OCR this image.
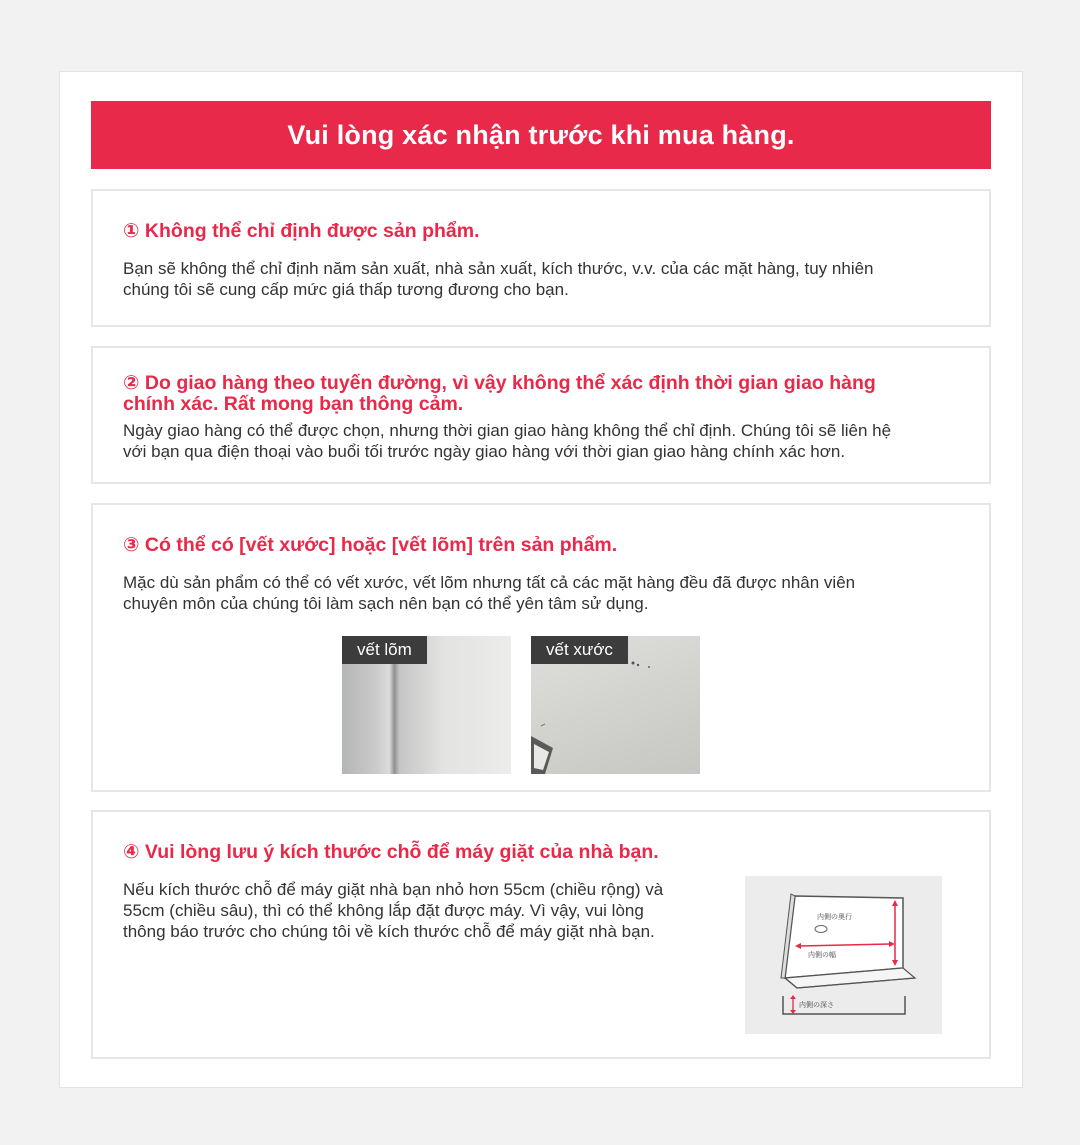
Vui lòng xác nhận trước khi mua hàng.
① Không thể chỉ định được sản phẩm.
Bạn sẽ không thể chỉ định năm sản xuất, nhà sản xuất, kích thước, v.v. của các mặt hàng, tuy nhiên
chúng tôi sẽ cung cấp mức giá thấp tương đương cho bạn.
② Do giao hàng theo tuyến đường, vì vậy không thể xác định thời gian giao hàng
chính xác. Rất mong bạn thông cảm.
Ngày giao hàng có thể được chọn, nhưng thời gian giao hàng không thể chỉ định. Chúng tôi sẽ liên hệ
với bạn qua điện thoại vào buổi tối trước ngày giao hàng với thời gian giao hàng chính xác hơn.
③ Có thể có [vết xước] hoặc [vết lõm] trên sản phẩm.
Mặc dù sản phẩm có thể có vết xước, vết lõm nhưng tất cả các mặt hàng đều đã được nhân viên
chuyên môn của chúng tôi làm sạch nên bạn có thể yên tâm sử dụng.
vết lõm	vết xước
④ Vui lòng lưu ý kích thước chỗ để máy giặt của nhà bạn.
Nếu kích thước chỗ để máy giặt nhà bạn nhỏ hơn 55cm (chiều rộng) và
55cm (chiều sâu), thì có thể không lắp đặt được máy. Vì vậy, vui lòng
thông báo trước cho chúng tôi về kích thước chỗ để máy giặt nhà bạn.
内側の奥行
内側の幅
内側の深さ
